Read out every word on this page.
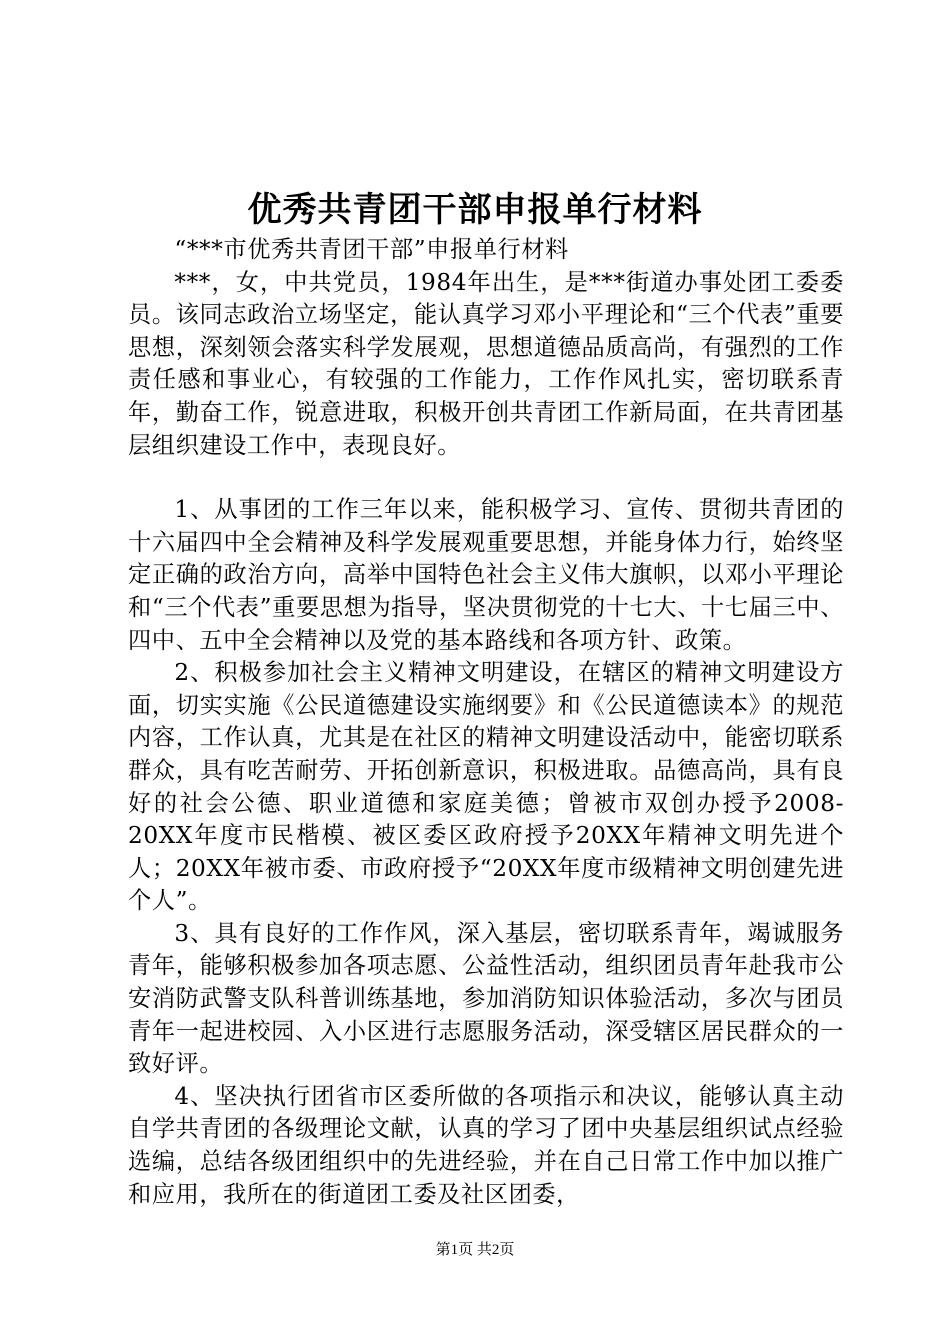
优秀共青团干部申报单行材料

“***市优秀共青团干部”申报单行材料

***，女，中共党员，1984年出生，是***街道办事处团工委委员。该同志政治立场坚定，能认真学习邓小平理论和“三个代表”重要思想，深刻领会落实科学发展观，思想道德品质高尚，有强烈的工作责任感和事业心，有较强的工作能力，工作作风扎实，密切联系青年，勤奋工作，锐意进取，积极开创共青团工作新局面，在共青团基层组织建设工作中，表现良好。

1、从事团的工作三年以来，能积极学习、宣传、贯彻共青团的十六届四中全会精神及科学发展观重要思想，并能身体力行，始终坚定正确的政治方向，高举中国特色社会主义伟大旗帜，以邓小平理论和“三个代表”重要思想为指导，坚决贯彻党的十七大、十七届三中、四中、五中全会精神以及党的基本路线和各项方针、政策。

2、积极参加社会主义精神文明建设，在辖区的精神文明建设方面，切实实施《公民道德建设实施纲要》和《公民道德读本》的规范内容，工作认真，尤其是在社区的精神文明建设活动中，能密切联系群众，具有吃苦耐劳、开拓创新意识，积极进取。品德高尚，具有良好的社会公德、职业道德和家庭美德；曾被市双创办授予2008-20XX年度市民楷模、被区委区政府授予20XX年精神文明先进个人；20XX年被市委、市政府授予“20XX年度市级精神文明创建先进个人”。

3、具有良好的工作作风，深入基层，密切联系青年，竭诚服务青年，能够积极参加各项志愿、公益性活动，组织团员青年赴我市公安消防武警支队科普训练基地，参加消防知识体验活动，多次与团员青年一起进校园、入小区进行志愿服务活动，深受辖区居民群众的一致好评。

4、坚决执行团省市区委所做的各项指示和决议，能够认真主动自学共青团的各级理论文献，认真的学习了团中央基层组织试点经验选编，总结各级团组织中的先进经验，并在自己日常工作中加以推广和应用，我所在的街道团工委及社区团委，

第1页 共2页
